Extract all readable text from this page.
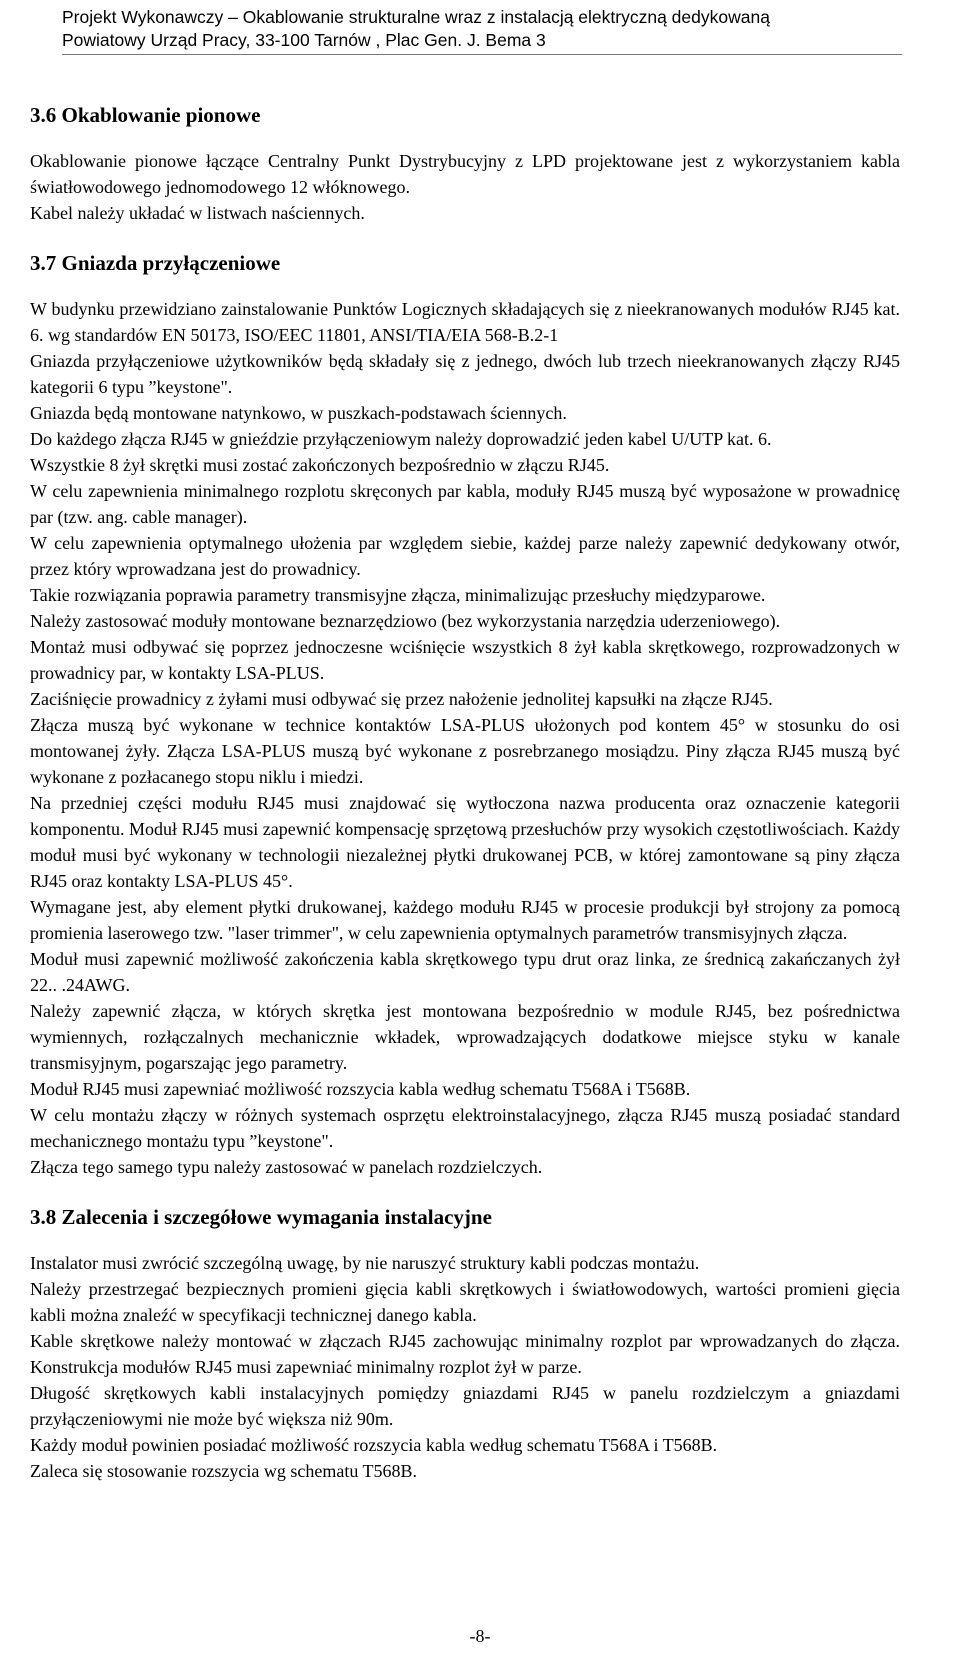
Projekt Wykonawczy – Okablowanie strukturalne wraz z instalacją elektryczną dedykowaną
Powiatowy Urząd Pracy, 33-100 Tarnów , Plac Gen. J. Bema 3
3.6 Okablowanie pionowe

Okablowanie pionowe łączące Centralny Punkt Dystrybucyjny z LPD projektowane jest z wykorzystaniem kabla światłowodowego jednomodowego 12 włóknowego.

Kabel należy układać w listwach naściennych.

3.7 Gniazda przyłączeniowe

W budynku przewidziano zainstalowanie Punktów Logicznych składających się z nieekranowanych modułów RJ45 kat. 6. wg standardów EN 50173, ISO/EEC 11801, ANSI/TIA/EIA 568-B.2-1

Gniazda przyłączeniowe użytkowników będą składały się z jednego, dwóch lub trzech nieekranowanych złączy RJ45 kategorii 6 typu ”keystone".

Gniazda będą montowane natynkowo, w puszkach-podstawach ściennych.

Do każdego złącza RJ45 w gnieździe przyłączeniowym należy doprowadzić jeden kabel U/UTP kat. 6.

Wszystkie 8 żył skrętki musi zostać zakończonych bezpośrednio w złączu RJ45.

W celu zapewnienia minimalnego rozplotu skręconych par kabla, moduły RJ45 muszą być wyposażone w prowadnicę par (tzw. ang. cable manager).

W celu zapewnienia optymalnego ułożenia par względem siebie, każdej parze należy zapewnić dedykowany otwór, przez który wprowadzana jest do prowadnicy.

Takie rozwiązania poprawia parametry transmisyjne złącza, minimalizując przesłuchy międzyparowe.

Należy zastosować moduły montowane beznarzędziowo (bez wykorzystania narzędzia uderzeniowego).

Montaż musi odbywać się poprzez jednoczesne wciśnięcie wszystkich 8 żył kabla skrętkowego, rozprowadzonych w prowadnicy par, w kontakty LSA-PLUS.

Zaciśnięcie prowadnicy z żyłami musi odbywać się przez nałożenie jednolitej kapsułki na złącze RJ45.

Złącza muszą być wykonane w technice kontaktów LSA-PLUS ułożonych pod kontem 45° w stosunku do osi montowanej żyły. Złącza LSA-PLUS muszą być wykonane z posrebrzanego mosiądzu. Piny złącza RJ45 muszą być wykonane z pozłacanego stopu niklu i miedzi.

Na przedniej części modułu RJ45 musi znajdować się wytłoczona nazwa producenta oraz oznaczenie kategorii komponentu. Moduł RJ45 musi zapewnić kompensację sprzętową przesłuchów przy wysokich częstotliwościach. Każdy moduł musi być wykonany w technologii niezależnej płytki drukowanej PCB, w której zamontowane są piny złącza RJ45 oraz kontakty LSA-PLUS 45°.

Wymagane jest, aby element płytki drukowanej, każdego modułu RJ45 w procesie produkcji był strojony za pomocą promienia laserowego tzw. "laser trimmer", w celu zapewnienia optymalnych parametrów transmisyjnych złącza.

Moduł musi zapewnić możliwość zakończenia kabla skrętkowego typu drut oraz linka, ze średnicą zakańczanych żył 22.. .24AWG.

Należy zapewnić złącza, w których skrętka jest montowana bezpośrednio w module RJ45, bez pośrednictwa wymiennych, rozłączalnych mechanicznie wkładek, wprowadzających dodatkowe miejsce styku w kanale transmisyjnym, pogarszając jego parametry.

Moduł RJ45 musi zapewniać możliwość rozszycia kabla według schematu T568A i T568B.

W celu montażu złączy w różnych systemach osprzętu elektroinstalacyjnego, złącza RJ45 muszą posiadać standard mechanicznego montażu typu ”keystone".

Złącza tego samego typu należy zastosować w panelach rozdzielczych.

3.8 Zalecenia i szczegółowe wymagania instalacyjne

Instalator musi zwrócić szczególną uwagę, by nie naruszyć struktury kabli podczas montażu.

Należy przestrzegać bezpiecznych promieni gięcia kabli skrętkowych i światłowodowych, wartości promieni gięcia kabli można znaleźć w specyfikacji technicznej danego kabla.

Kable skrętkowe należy montować w złączach RJ45 zachowując minimalny rozplot par wprowadzanych do złącza. Konstrukcja modułów RJ45 musi zapewniać minimalny rozplot żył w parze.

Długość skrętkowych kabli instalacyjnych pomiędzy gniazdami RJ45 w panelu rozdzielczym a gniazdami przyłączeniowymi nie może być większa niż 90m.

Każdy moduł powinien posiadać możliwość rozszycia kabla według schematu T568A i T568B.

Zaleca się stosowanie rozszycia wg schematu T568B.

-8-
